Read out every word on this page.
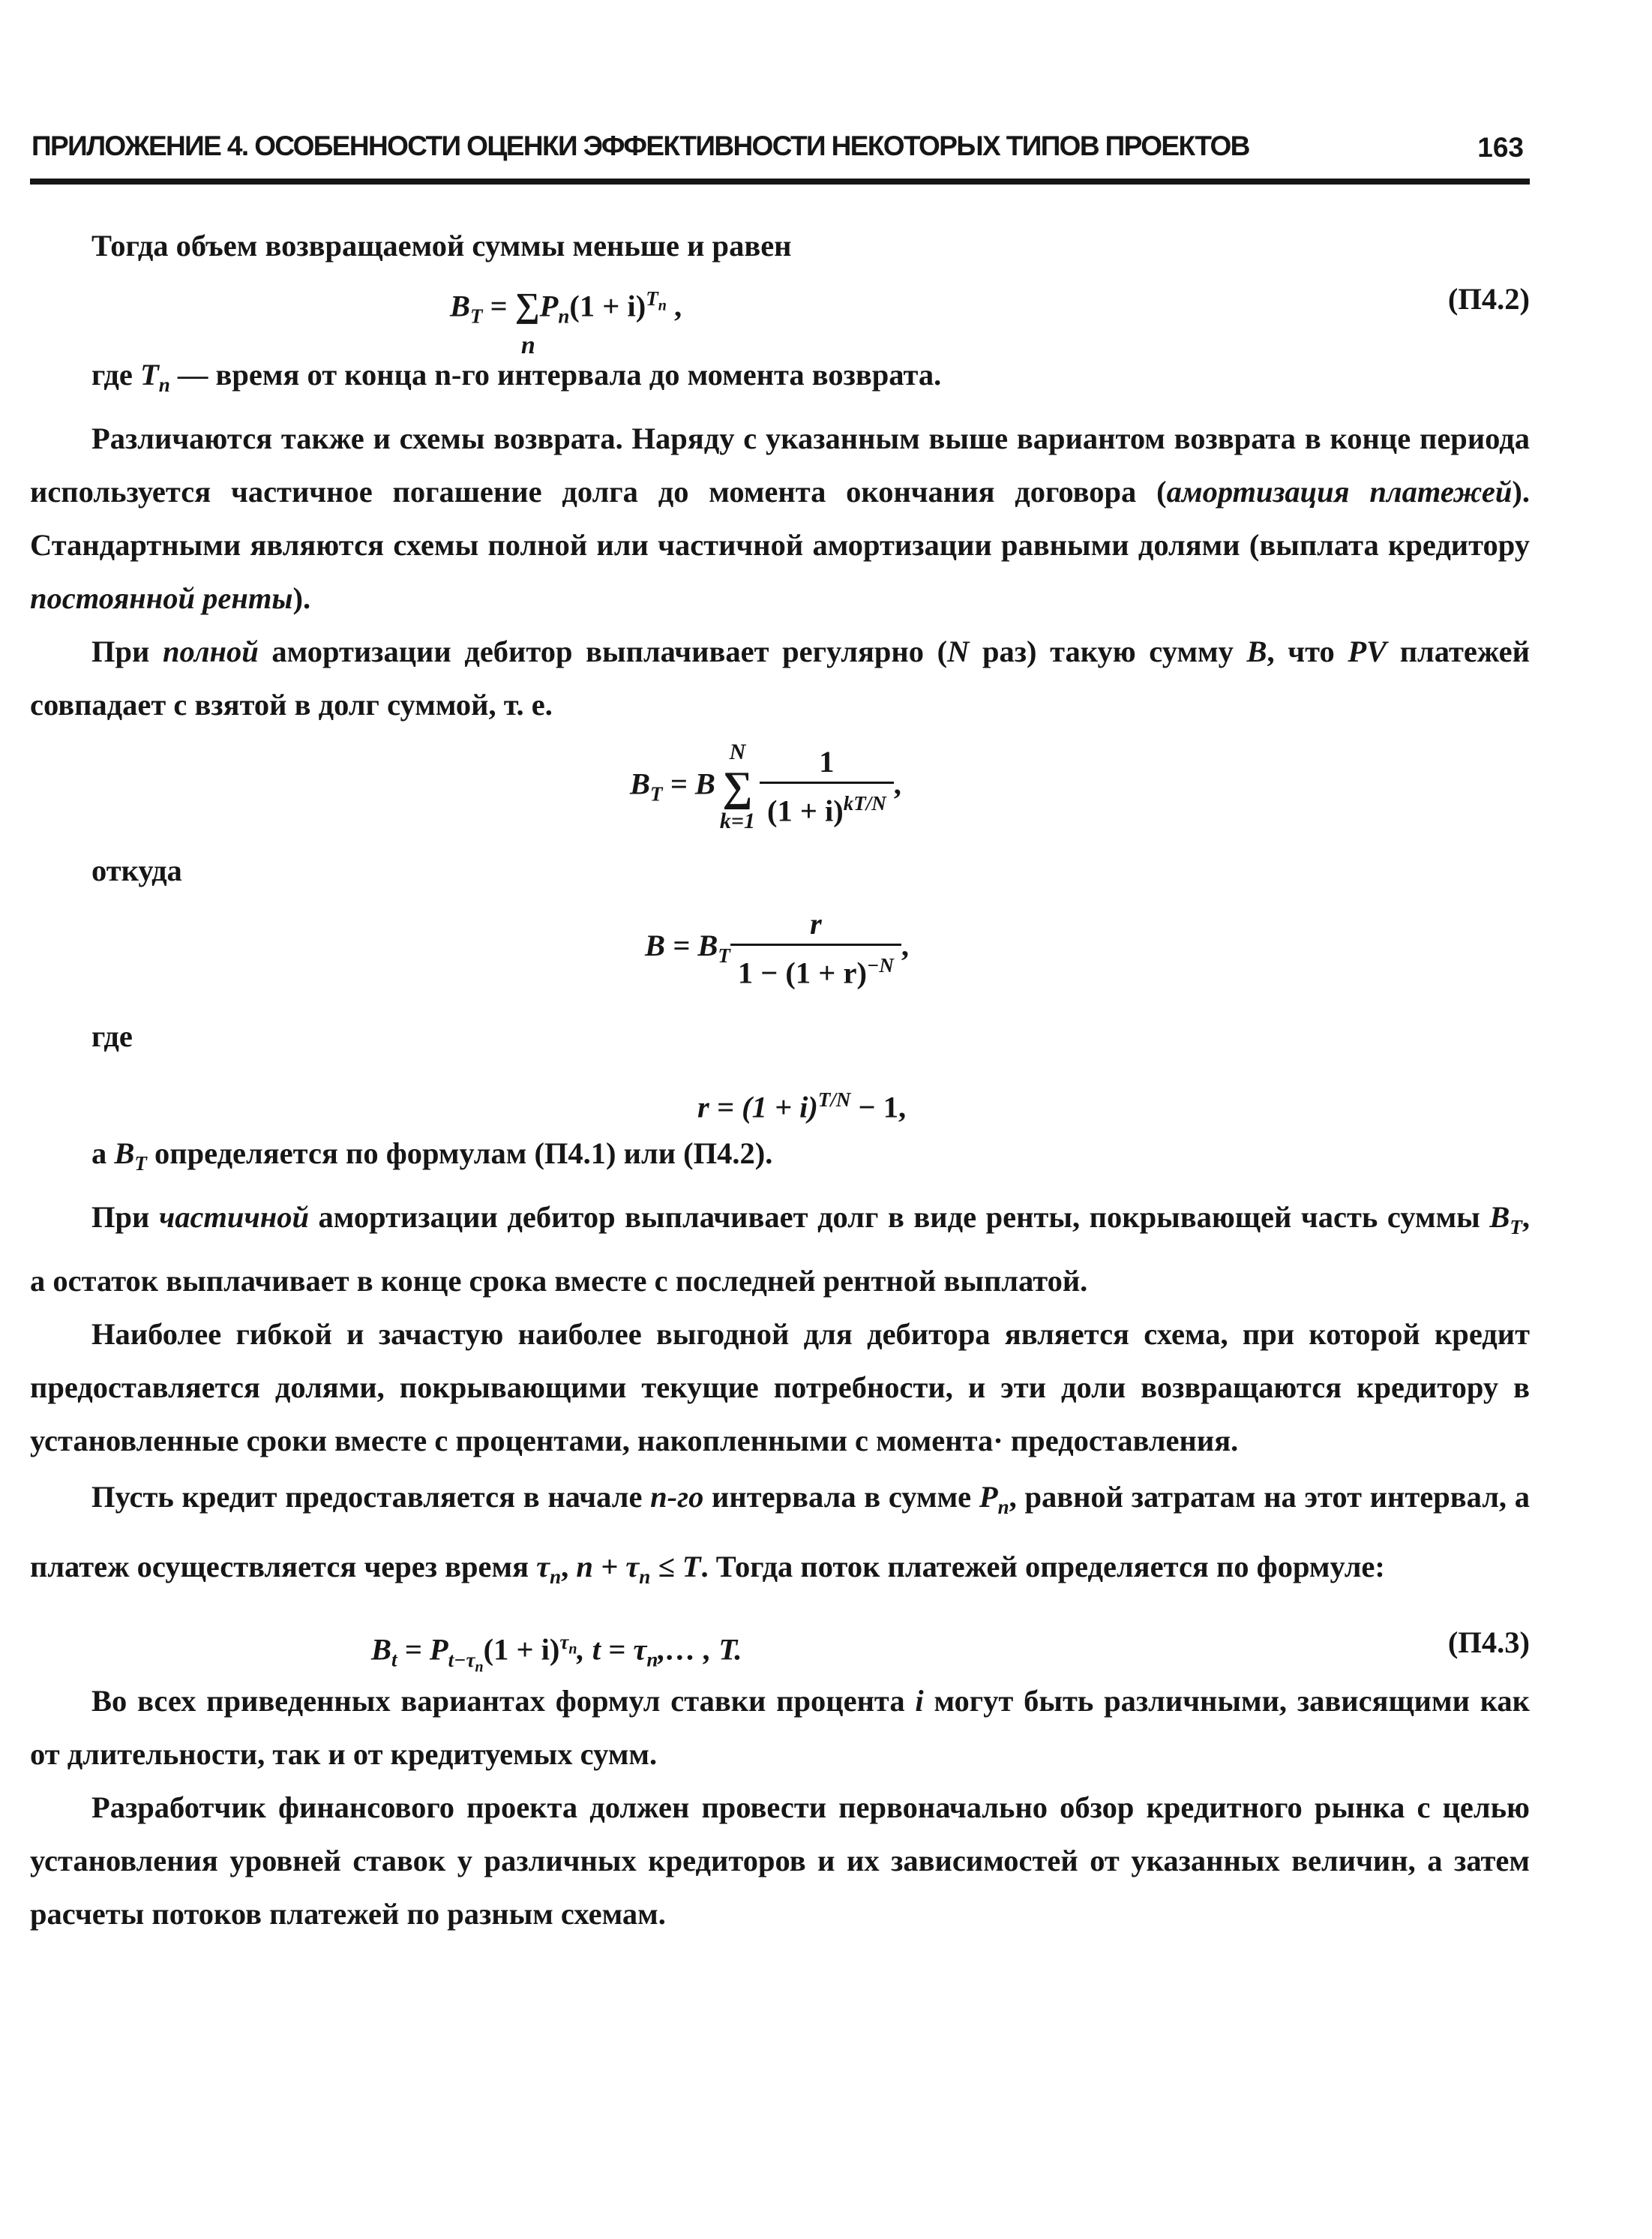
ПРИЛОЖЕНИЕ 4. ОСОБЕННОСТИ ОЦЕНКИ ЭФФЕКТИВНОСТИ НЕКОТОРЫХ ТИПОВ ПРОЕКТОВ	163

Тогда объем возвращаемой суммы меньше и равен

$B_T$ = ∑
n
$P_n(1 + i)^{T_n}$ ,	(П4.2)

где $T_n$ — время от конца n-го интервала до момента возврата.

Различаются также и схемы возврата. Наряду с указанным выше вариантом возврата в конце периода используется частичное погашение долга до момента окончания договора (амортизация платежей). Стандартными являются схемы полной или частичной амортизации равными долями (выплата кредитору постоянной ренты).

При полной амортизации дебитор выплачивает регулярно (N раз) такую сумму B, что PV платежей совпадает с взятой в долг суммой, т. е.

$B_T = B$
N
∑
$k=1 \frac{1}{(1 + i)^{kT/N}}$ ,

откуда

$B = B_T \frac{r}{1 - (1 + r)^{-N}}$ ,

где

$r = (1 + i)^{T/N} - 1$,

а $B_T$ определяется по формулам (П4.1) или (П4.2).

При частичной амортизации дебитор выплачивает долг в виде ренты, покрывающей часть суммы $B_T$, а остаток выплачивает в конце срока вместе с последней рентной выплатой.

Наиболее гибкой и зачастую наиболее выгодной для дебитора является схема, при которой кредит предоставляется долями, покрывающими текущие потребности, и эти доли возвращаются кредитору в установленные сроки вместе с процентами, накопленными с момента· предоставления.

Пусть кредит предоставляется в начале n-го интервала в сумме $P_n$, равной затратам на этот интервал, а платеж осуществляется через время $\tau_n$, $n + \tau_n \le T$. Тогда поток платежей определяется по формуле:

$B_t = P_{t-\tau_n}(1 + i)^{\tau_n}$, $t = \tau_n,\dots$ , T.	(П4.3)

Во всех приведенных вариантах формул ставки процента i могут быть различными, зависящими как от длительности, так и от кредитуемых сумм.

Разработчик финансового проекта должен провести первоначально обзор кредитного рынка с целью установления уровней ставок у различных кредиторов и их зависимостей от указанных величин, а затем расчеты потоков платежей по разным схемам.
